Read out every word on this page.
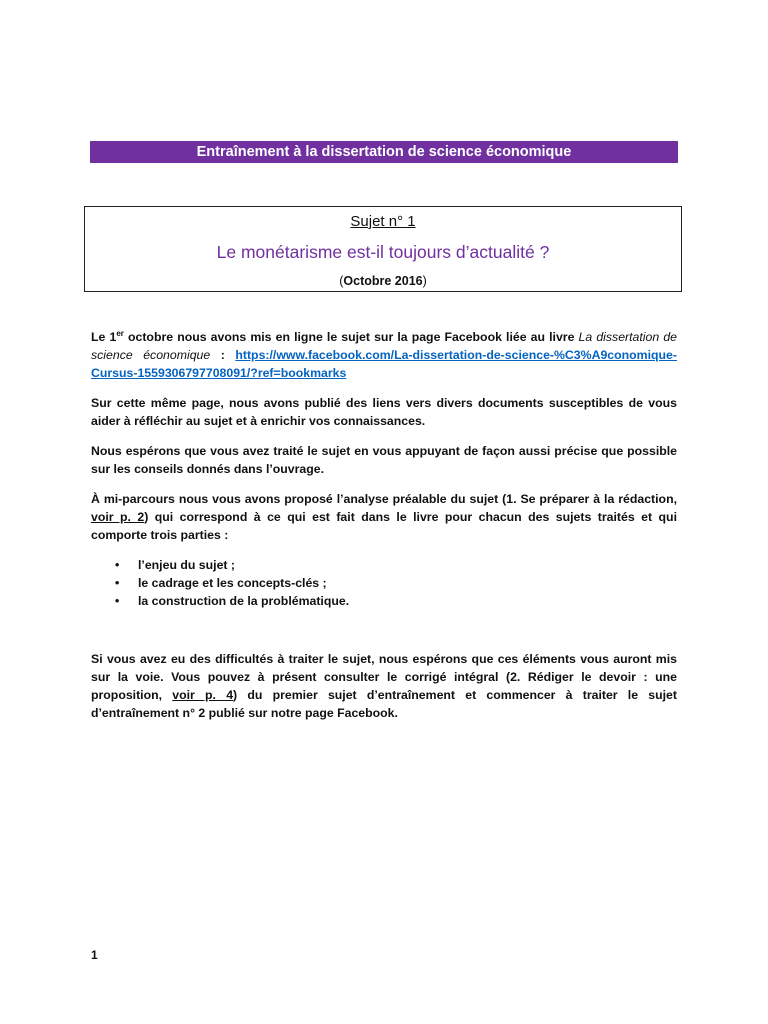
Entraînement à la dissertation de science économique
Sujet n° 1
Le monétarisme est-il toujours d’actualité ?
(Octobre 2016)

Le 1er octobre nous avons mis en ligne le sujet sur la page Facebook liée au livre La dissertation de science économique : https://www.facebook.com/La-dissertation-de-science-%C3%A9conomique-Cursus-1559306797708091/?ref=bookmarks

Sur cette même page, nous avons publié des liens vers divers documents susceptibles de vous aider à réfléchir au sujet et à enrichir vos connaissances.

Nous espérons que vous avez traité le sujet en vous appuyant de façon aussi précise que possible sur les conseils donnés dans l’ouvrage.

À mi-parcours nous vous avons proposé l’analyse préalable du sujet (1. Se préparer à la rédaction, voir p. 2) qui correspond à ce qui est fait dans le livre pour chacun des sujets traités et qui comporte trois parties :

• l’enjeu du sujet ;
• le cadrage et les concepts-clés ;
• la construction de la problématique.

Si vous avez eu des difficultés à traiter le sujet, nous espérons que ces éléments vous auront mis sur la voie. Vous pouvez à présent consulter le corrigé intégral (2. Rédiger le devoir : une proposition, voir p. 4) du premier sujet d’entraînement et commencer à traiter le sujet d’entraînement n° 2 publié sur notre page Facebook.

1
